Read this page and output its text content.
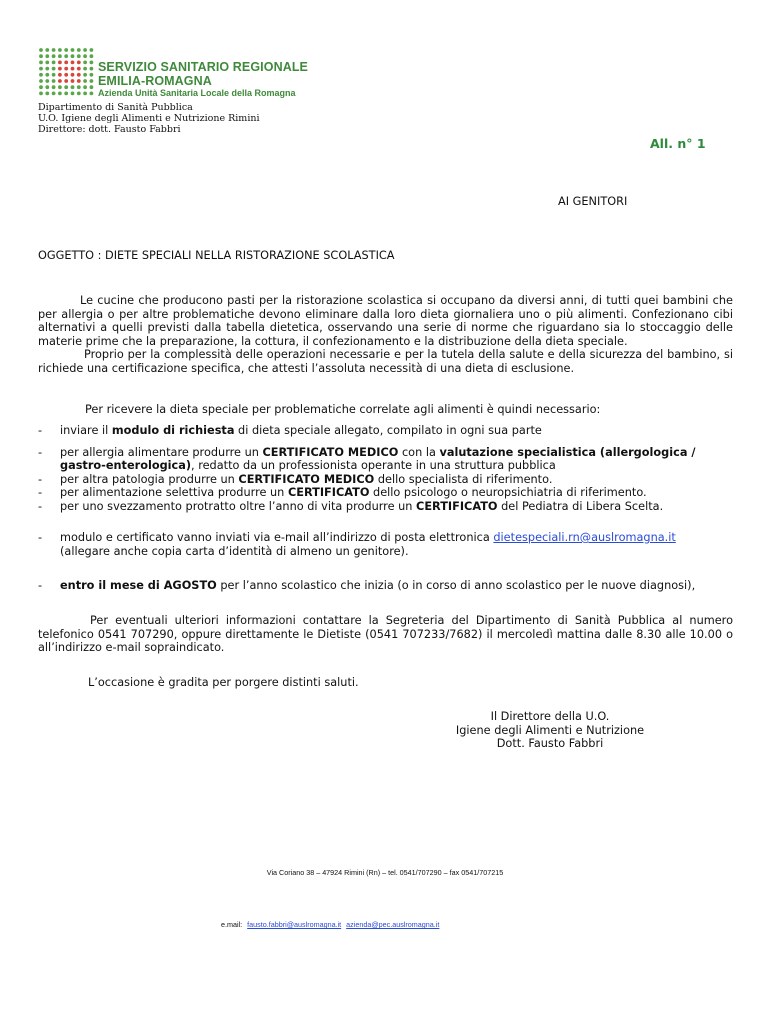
SERVIZIO SANITARIO REGIONALE
EMILIA-ROMAGNA
Azienda Unità Sanitaria Locale della Romagna
Dipartimento di Sanità Pubblica
U.O. Igiene degli Alimenti e Nutrizione Rimini
Direttore: dott. Fausto Fabbri
All. n° 1
AI GENITORI
OGGETTO : DIETE SPECIALI NELLA RISTORAZIONE SCOLASTICA
Le cucine che producono pasti per la ristorazione scolastica si occupano da diversi anni, di tutti quei bambini che per allergia o per altre problematiche devono eliminare dalla loro dieta giornaliera uno o più alimenti. Confezionano cibi alternativi a quelli previsti dalla tabella dietetica, osservando una serie di norme che riguardano sia lo stoccaggio delle materie prime che la preparazione, la cottura, il confezionamento e la distribuzione della dieta speciale.
Proprio per la complessità delle operazioni necessarie e per la tutela della salute e della sicurezza del bambino, si richiede una certificazione specifica, che attesti l’assoluta necessità di una dieta di esclusione.
Per ricevere la dieta speciale per problematiche correlate agli alimenti è quindi necessario:
- inviare il modulo di richiesta di dieta speciale allegato, compilato in ogni sua parte
- per allergia alimentare produrre un CERTIFICATO MEDICO con la valutazione specialistica (allergologica / gastro-enterologica), redatto da un professionista operante in una struttura pubblica
- per altra patologia produrre un CERTIFICATO MEDICO dello specialista di riferimento.
- per alimentazione selettiva produrre un CERTIFICATO dello psicologo o neuropsichiatria di riferimento.
- per uno svezzamento protratto oltre l’anno di vita produrre un CERTIFICATO del Pediatra di Libera Scelta.
- modulo e certificato vanno inviati via e-mail all’indirizzo di posta elettronica dietespeciali.rn@auslromagna.it
(allegare anche copia carta d’identità di almeno un genitore).
- entro il mese di AGOSTO per l’anno scolastico che inizia (o in corso di anno scolastico per le nuove diagnosi),
Per eventuali ulteriori informazioni contattare la Segreteria del Dipartimento di Sanità Pubblica al numero telefonico 0541 707290, oppure direttamente le Dietiste (0541 707233/7682) il mercoledì mattina dalle 8.30 alle 10.00 o all’indirizzo e-mail sopraindicato.
L’occasione è gradita per porgere distinti saluti.
Il Direttore della U.O.
Igiene degli Alimenti e Nutrizione
Dott. Fausto Fabbri
Via Coriano 38 – 47924 Rimini (Rn) – tel. 0541/707290 – fax 0541/707215
e.mail: fausto.fabbri@auslromagna.it azienda@pec.auslromagna.it
